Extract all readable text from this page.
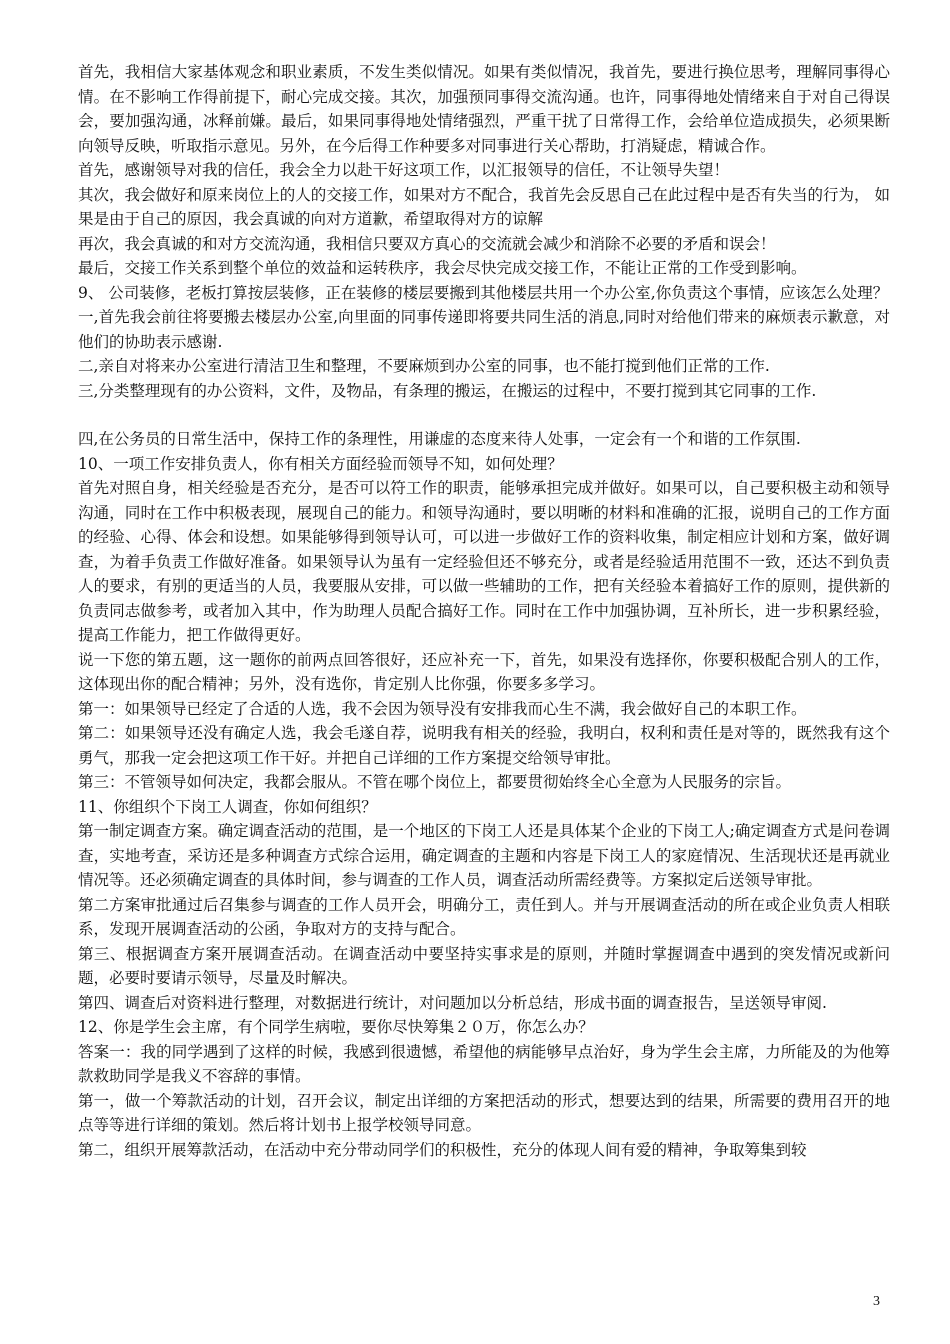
首先，我相信大家基体观念和职业素质，不发生类似情况。如果有类似情况，我首先，要进行换位思考，理解同事得心情。在不影响工作得前提下，耐心完成交接。其次，加强预同事得交流沟通。也许，同事得地处情绪来自于对自己得误会，要加强沟通，冰释前嫌。最后，如果同事得地处情绪强烈，严重干扰了日常得工作，会给单位造成损失，必须果断向领导反映，听取指示意见。另外，在今后得工作种要多对同事进行关心帮助，打消疑虑，精诚合作。

首先，感谢领导对我的信任，我会全力以赴干好这项工作，以汇报领导的信任，不让领导失望！

其次，我会做好和原来岗位上的人的交接工作，如果对方不配合，我首先会反思自己在此过程中是否有失当的行为， 如果是由于自己的原因，我会真诚的向对方道歉，希望取得对方的谅解

再次，我会真诚的和对方交流沟通，我相信只要双方真心的交流就会减少和消除不必要的矛盾和误会！

最后，交接工作关系到整个单位的效益和运转秩序，我会尽快完成交接工作，不能让正常的工作受到影响。

9、 公司装修，老板打算按层装修，正在装修的楼层要搬到其他楼层共用一个办公室,你负责这个事情，应该怎么处理？

一,首先我会前往将要搬去楼层办公室,向里面的同事传递即将要共同生活的消息,同时对给他们带来的麻烦表示歉意，对他们的协助表示感谢.

二,亲自对将来办公室进行清洁卫生和整理，不要麻烦到办公室的同事，也不能打搅到他们正常的工作.

三,分类整理现有的办公资料，文件，及物品，有条理的搬运，在搬运的过程中，不要打搅到其它同事的工作.

四,在公务员的日常生活中，保持工作的条理性，用谦虚的态度来待人处事，一定会有一个和谐的工作氛围.

10、一项工作安排负责人，你有相关方面经验而领导不知，如何处理？

首先对照自身，相关经验是否充分，是否可以符工作的职责，能够承担完成并做好。如果可以，自己要积极主动和领导沟通，同时在工作中积极表现，展现自己的能力。和领导沟通时，要以明晰的材料和准确的汇报，说明自己的工作方面的经验、心得、体会和设想。如果能够得到领导认可，可以进一步做好工作的资料收集，制定相应计划和方案，做好调查，为着手负责工作做好准备。如果领导认为虽有一定经验但还不够充分，或者是经验适用范围不一致，还达不到负责人的要求，有别的更适当的人员，我要服从安排，可以做一些辅助的工作，把有关经验本着搞好工作的原则，提供新的负责同志做参考，或者加入其中，作为助理人员配合搞好工作。同时在工作中加强协调，互补所长，进一步积累经验，提高工作能力，把工作做得更好。

说一下您的第五题，这一题你的前两点回答很好，还应补充一下，首先，如果没有选择你，你要积极配合别人的工作，这体现出你的配合精神；另外，没有选你，肯定别人比你强，你要多多学习。

第一：如果领导已经定了合适的人选，我不会因为领导没有安排我而心生不满，我会做好自己的本职工作。

第二：如果领导还没有确定人选，我会毛遂自荐，说明我有相关的经验，我明白，权利和责任是对等的，既然我有这个勇气，那我一定会把这项工作干好。并把自己详细的工作方案提交给领导审批。

第三：不管领导如何决定，我都会服从。不管在哪个岗位上，都要贯彻始终全心全意为人民服务的宗旨。

11、你组织个下岗工人调查，你如何组织？

第一制定调查方案。确定调查活动的范围，是一个地区的下岗工人还是具体某个企业的下岗工人;确定调查方式是问卷调查，实地考查，采访还是多种调查方式综合运用，确定调查的主题和内容是下岗工人的家庭情况、生活现状还是再就业情况等。还必须确定调查的具体时间，参与调查的工作人员，调查活动所需经费等。方案拟定后送领导审批。

第二方案审批通过后召集参与调查的工作人员开会，明确分工，责任到人。并与开展调查活动的所在或企业负责人相联系，发现开展调查活动的公函，争取对方的支持与配合。

第三、根据调查方案开展调查活动。在调查活动中要坚持实事求是的原则，并随时掌握调查中遇到的突发情况或新问题，必要时要请示领导，尽量及时解决。

第四、调查后对资料进行整理，对数据进行统计，对问题加以分析总结，形成书面的调查报告，呈送领导审阅.

12、你是学生会主席，有个同学生病啦，要你尽快筹集２０万，你怎么办？

答案一：我的同学遇到了这样的时候，我感到很遗憾，希望他的病能够早点治好，身为学生会主席，力所能及的为他筹款救助同学是我义不容辞的事情。

第一，做一个筹款活动的计划，召开会议，制定出详细的方案把活动的形式，想要达到的结果，所需要的费用召开的地点等等进行详细的策划。然后将计划书上报学校领导同意。

第二，组织开展筹款活动，在活动中充分带动同学们的积极性，充分的体现人间有爱的精神，争取筹集到较

3
